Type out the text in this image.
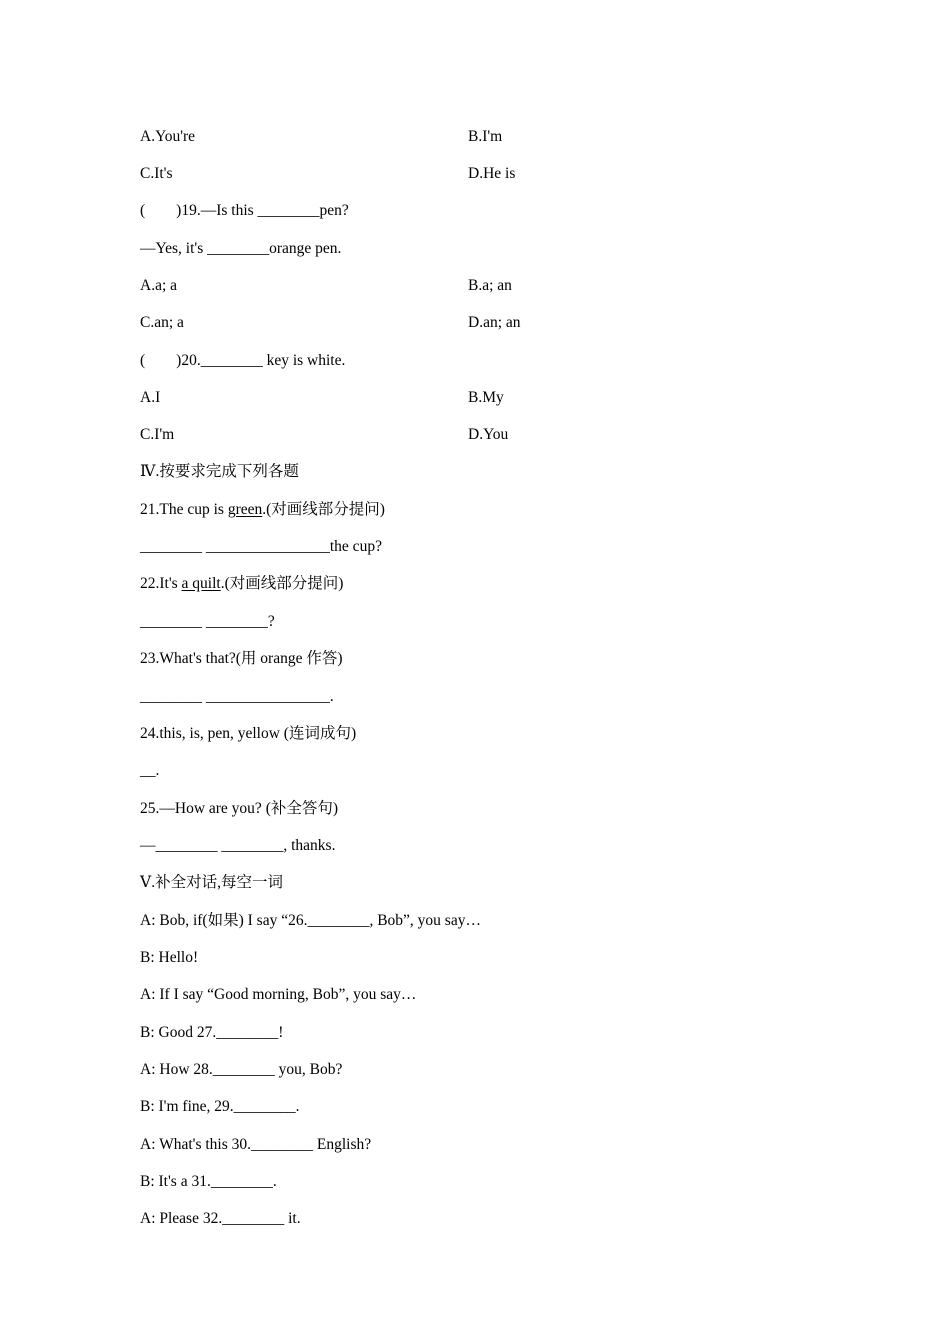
A.You're	B.I'm
C.It's	D.He is
(　　)19.—Is this ________pen?
—Yes, it's ________orange pen.
A.a; a	B.a; an
C.an; a	D.an; an
(　　)20.________ key is white.
A.I	B.My
C.I'm	D.You
Ⅳ.按要求完成下列各题
21.The cup is green.(对画线部分提问)
________ ________________the cup?
22.It's a quilt.(对画线部分提问)
________ ________?
23.What's that?(用 orange 作答)
________ ________________.
24.this, is, pen, yellow (连词成句)
__.
25.—How are you? (补全答句)
—________ ________, thanks.
Ⅴ.补全对话,每空一词
A: Bob, if(如果) I say “26.________, Bob”, you say…
B: Hello!
A: If I say “Good morning, Bob”, you say…
B: Good 27.________!
A: How 28.________ you, Bob?
B: I'm fine, 29.________.
A: What's this 30.________ English?
B: It's a 31.________.
A: Please 32.________ it.
